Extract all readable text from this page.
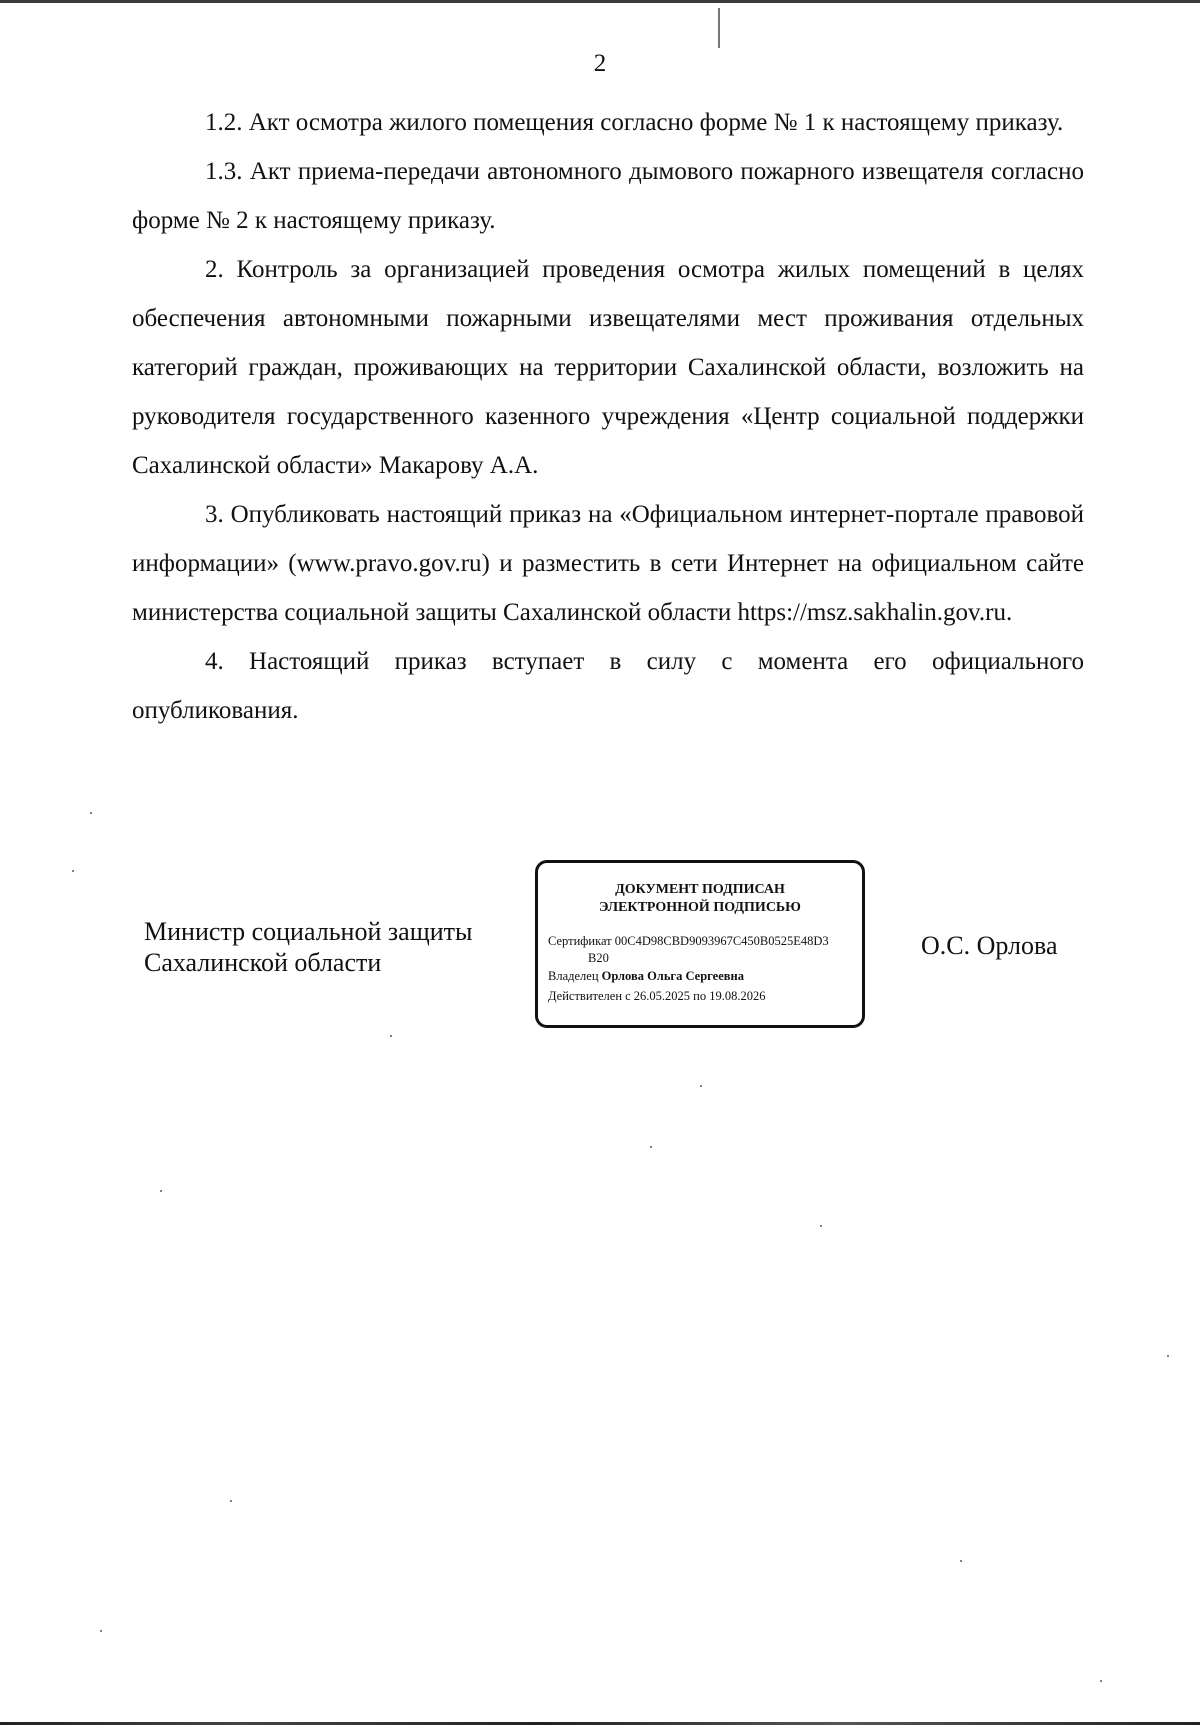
2

1.2. Акт осмотра жилого помещения согласно форме № 1 к настоящему приказу.

1.3. Акт приема-передачи автономного дымового пожарного извещателя согласно форме № 2 к настоящему приказу.

2. Контроль за организацией проведения осмотра жилых помещений в целях обеспечения автономными пожарными извещателями мест проживания отдельных категорий граждан, проживающих на территории Сахалинской области, возложить на руководителя государственного казенного учреждения «Центр социальной поддержки Сахалинской области» Макарову А.А.

3. Опубликовать настоящий приказ на «Официальном интернет-портале правовой информации» (www.pravo.gov.ru) и разместить в сети Интернет на официальном сайте министерства социальной защиты Сахалинской области https://msz.sakhalin.gov.ru.

4. Настоящий приказ вступает в силу с момента его официального опубликования.

Министр социальной защиты
Сахалинской области
ДОКУМЕНТ ПОДПИСАН
ЭЛЕКТРОННОЙ ПОДПИСЬЮ
Сертификат 00C4D98CBD9093967C450B0525E48D3
B20
Владелец Орлова Ольга Сергеевна
Действителен с 26.05.2025 по 19.08.2026
О.С. Орлова
